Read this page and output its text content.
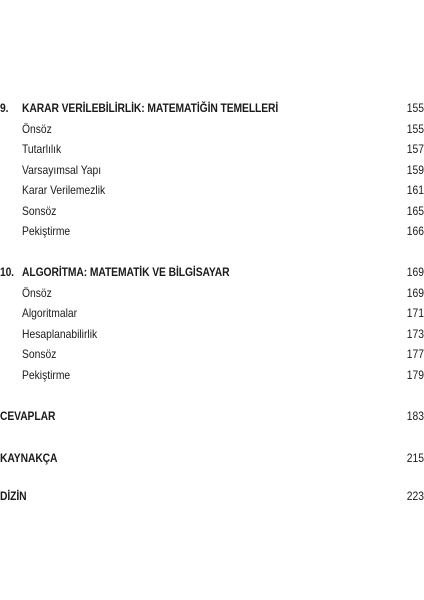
9. KARAR VERİLEBİLİRLİK: MATEMATİĞİN TEMELLERİ	155
Önsöz	155
Tutarlılık	157
Varsayımsal Yapı	159
Karar Verilemezlik	161
Sonsöz	165
Pekiştirme	166
10. ALGORİTMA: MATEMATİK VE BİLGİSAYAR	169
Önsöz	169
Algoritmalar	171
Hesaplanabilirlik	173
Sonsöz	177
Pekiştirme	179
CEVAPLAR	183
KAYNAKÇA	215
DİZİN	223
